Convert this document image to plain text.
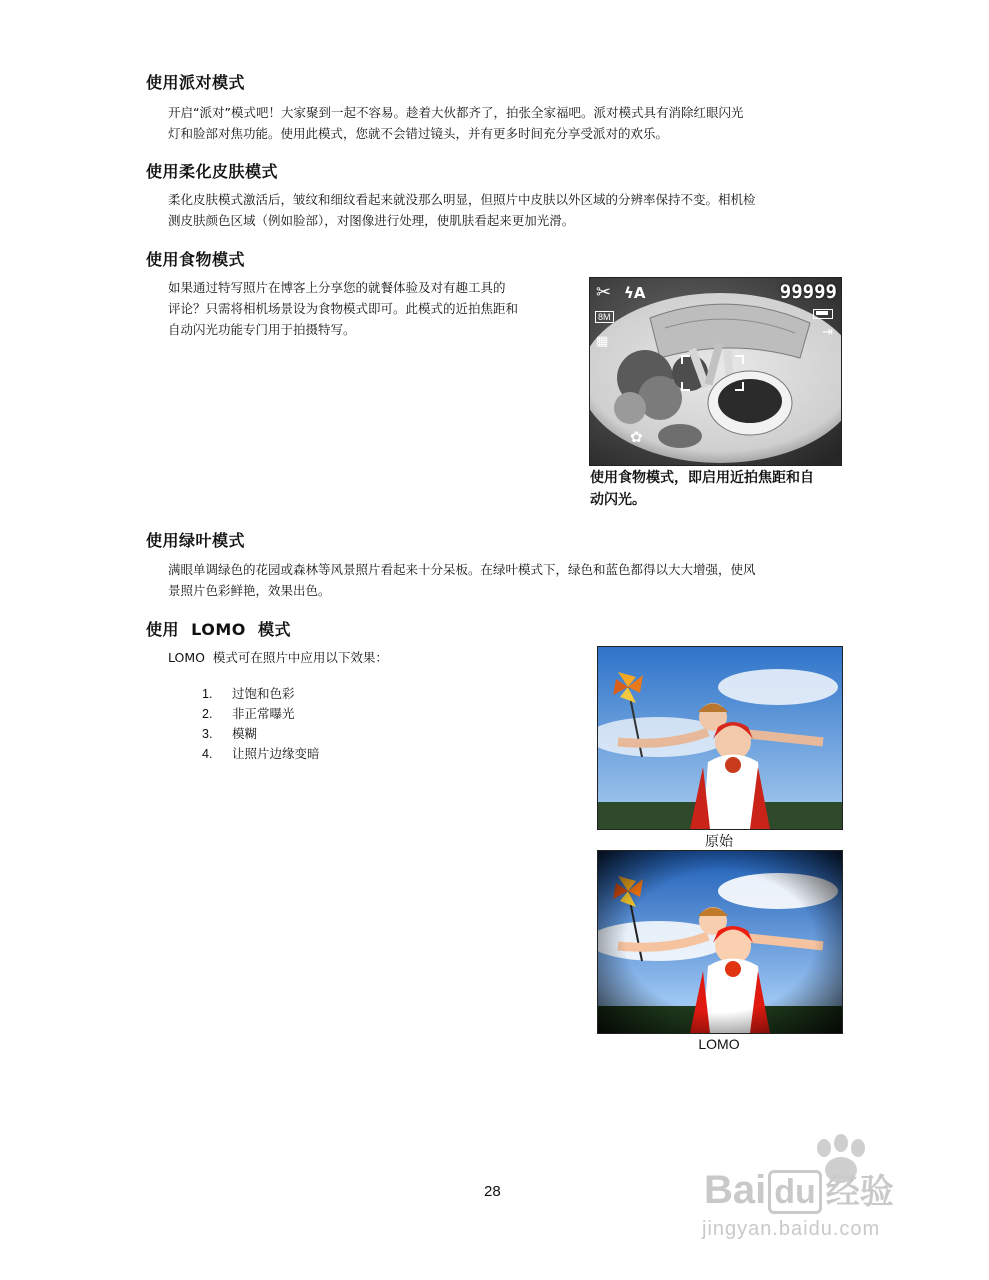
使用派对模式
开启“派对”模式吧！大家聚到一起不容易。趁着大伙都齐了，拍张全家福吧。派对模式具有消除红眼闪光
灯和脸部对焦功能。使用此模式，您就不会错过镜头，并有更多时间充分享受派对的欢乐。
使用柔化皮肤模式
柔化皮肤模式激活后，皱纹和细纹看起来就没那么明显，但照片中皮肤以外区域的分辨率保持不变。相机检
测皮肤颜色区域（例如脸部），对图像进行处理，使肌肤看起来更加光滑。
使用食物模式
如果通过特写照片在博客上分享您的就餐体验及对有趣工具的
评论？只需将相机场景设为食物模式即可。此模式的近拍焦距和
自动闪光功能专门用于拍摄特写。
✂ ϟA	99999
8M
▦
⇥
✿
使用食物模式，即启用近拍焦距和自
动闪光。
使用绿叶模式
满眼单调绿色的花园或森林等风景照片看起来十分呆板。在绿叶模式下，绿色和蓝色都得以大大增强，使风
景照片色彩鲜艳，效果出色。
使用  LOMO  模式
LOMO  模式可在照片中应用以下效果：
1. 过饱和色彩
2. 非正常曝光
3. 模糊
4. 让照片边缘变暗
原始
LOMO
28	Bai du 经验
jingyan.baidu.com
